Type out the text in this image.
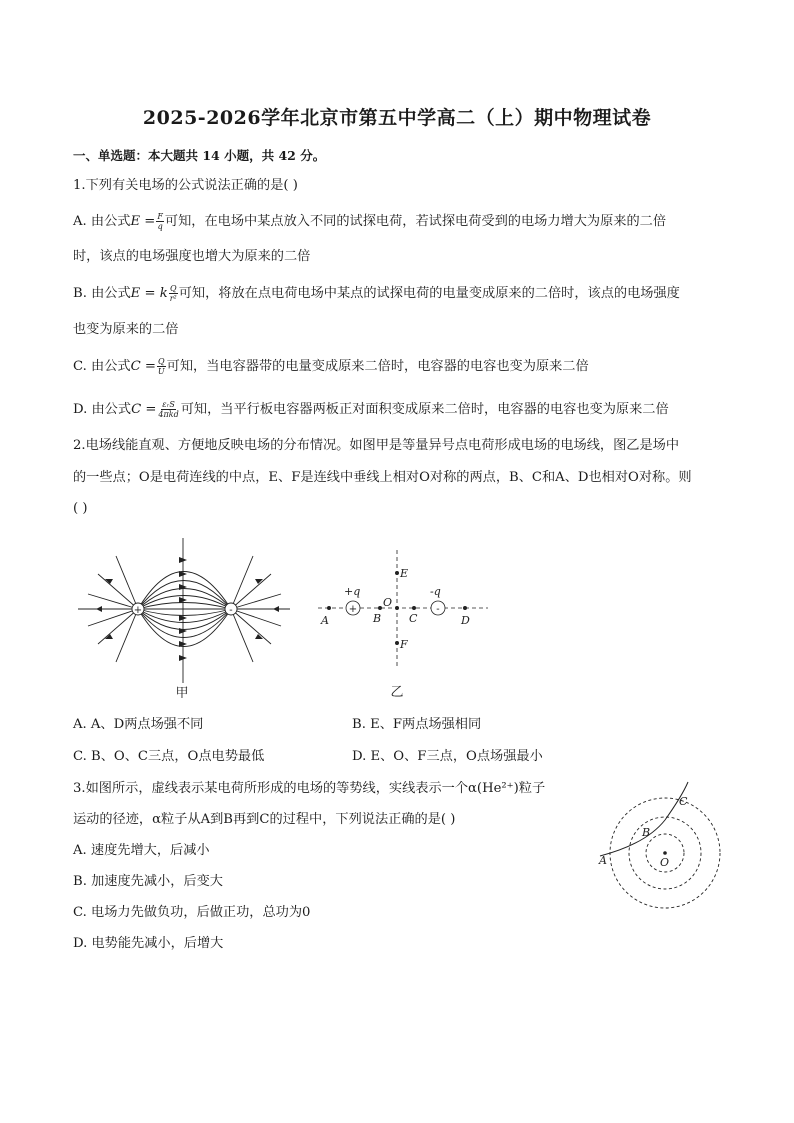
2025-2026学年北京市第五中学高二（上）期中物理试卷
一、单选题：本大题共 14 小题，共 42 分。
1.下列有关电场的公式说法正确的是( )
A. 由公式$E = \frac{F}{q}$ 可知，在电场中某点放入不同的试探电荷，若试探电荷受到的电场力增大为原来的二倍
时，该点的电场强度也增大为原来的二倍
B. 由公式E = k $\frac{Q}{\text{r²}}$ 可知，将放在点电荷电场中某点的试探电荷的电量变成原来的二倍时，该点的电场强度
也变为原来的二倍
C. 由公式$C = \frac{Q}{U}$ 可知，当电容器带的电量变成原来二倍时，电容器的电容也变为原来二倍
D. 由公式$C = \frac{\text{εᵣS}}{\text{4πkd}}$ 可知，当平行板电容器两板正对面积变成原来二倍时，电容器的电容也变为原来二倍
2.电场线能直观、方便地反映电场的分布情况。如图甲是等量异号点电荷形成电场的电场线，图乙是场中
的一些点；O是电荷连线的中点，E、F是连线中垂线上相对O对称的两点，B、C和A、D也相对O对称。则
( )
+	-
甲
+	-
+q	-q
A	B
O
C	D
E
F
乙
A. A、D两点场强不同	B. E、F两点场强相同
C. B、O、C三点，O点电势最低	D. E、O、F三点，O点场强最小
3.如图所示，虚线表示某电荷所形成的电场的等势线，实线表示一个α(He²⁺)粒子
运动的径迹，α粒子从A到B再到C的过程中，下列说法正确的是( )
A. 速度先增大，后减小
B. 加速度先减小，后变大
C. 电场力先做负功，后做正功，总功为0
D. 电势能先减小，后增大
A
B
C
O
